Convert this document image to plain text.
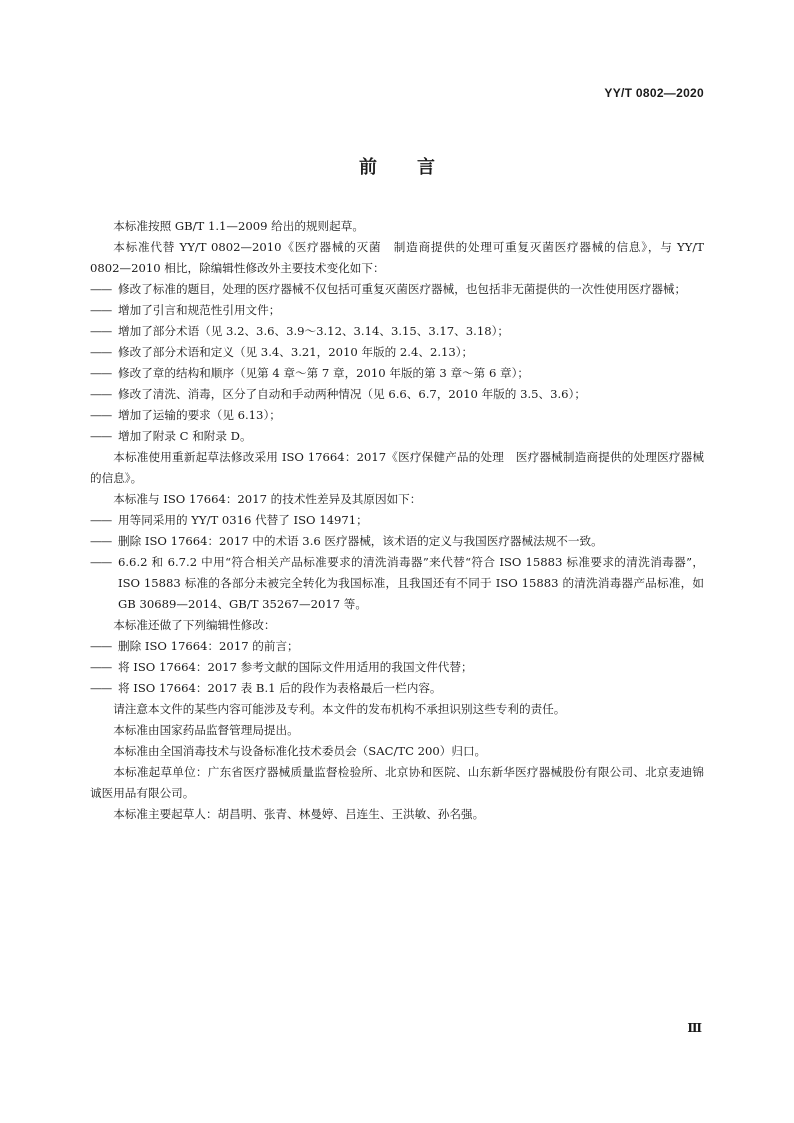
YY/T 0802—2020
前言

本标准按照 GB/T 1.1—2009 给出的规则起草。

本标准代替 YY/T 0802—2010《医疗器械的灭菌　制造商提供的处理可重复灭菌医疗器械的信息》，与 YY/T 0802—2010 相比，除编辑性修改外主要技术变化如下：

—— 修改了标准的题目，处理的医疗器械不仅包括可重复灭菌医疗器械，也包括非无菌提供的一次性使用医疗器械；
—— 增加了引言和规范性引用文件；
—— 增加了部分术语（见 3.2、3.6、3.9～3.12、3.14、3.15、3.17、3.18）；
—— 修改了部分术语和定义（见 3.4、3.21，2010 年版的 2.4、2.13）；
—— 修改了章的结构和顺序（见第 4 章～第 7 章，2010 年版的第 3 章～第 6 章）；
—— 修改了清洗、消毒，区分了自动和手动两种情况（见 6.6、6.7，2010 年版的 3.5、3.6）；
—— 增加了运输的要求（见 6.13）；
—— 增加了附录 C 和附录 D。

本标准使用重新起草法修改采用 ISO 17664：2017《医疗保健产品的处理　医疗器械制造商提供的处理医疗器械的信息》。

本标准与 ISO 17664：2017 的技术性差异及其原因如下：

—— 用等同采用的 YY/T 0316 代替了 ISO 14971；
—— 删除 ISO 17664：2017 中的术语 3.6 医疗器械，该术语的定义与我国医疗器械法规不一致。
—— 6.6.2 和 6.7.2 中用“符合相关产品标准要求的清洗消毒器”来代替“符合 ISO 15883 标准要求的清洗消毒器”，ISO 15883 标准的各部分未被完全转化为我国标准，且我国还有不同于 ISO 15883 的清洗消毒器产品标准，如 GB 30689—2014、GB/T 35267—2017 等。

本标准还做了下列编辑性修改：

—— 删除 ISO 17664：2017 的前言；
—— 将 ISO 17664：2017 参考文献的国际文件用适用的我国文件代替；
—— 将 ISO 17664：2017 表 B.1 后的段作为表格最后一栏内容。

请注意本文件的某些内容可能涉及专利。本文件的发布机构不承担识别这些专利的责任。

本标准由国家药品监督管理局提出。

本标准由全国消毒技术与设备标准化技术委员会（SAC/TC 200）归口。

本标准起草单位：广东省医疗器械质量监督检验所、北京协和医院、山东新华医疗器械股份有限公司、北京麦迪锦诚医用品有限公司。

本标准主要起草人：胡昌明、张青、林曼婷、吕连生、王洪敏、孙名强。

Ⅲ
